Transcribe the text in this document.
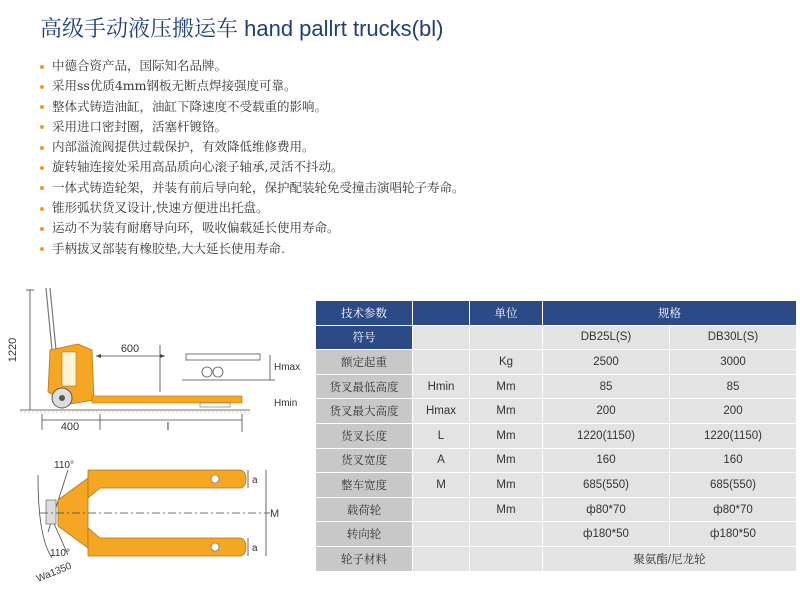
高级手动液压搬运车 hand pallrt trucks(bl)
中德合资产品，国际知名品牌。
采用ss优质4mm钢板无断点焊接强度可靠。
整体式铸造油缸，油缸下降速度不受载重的影响。
采用进口密封圈，活塞杆镀铬。
内部溢流阀提供过载保护，有效降低维修费用。
旋转轴连接处采用高品质向心滚子轴承,灵活不抖动。
一体式铸造轮架，并装有前后导向轮，保护配装轮免受撞击演唱轮子寿命。
锥形弧状货叉设计,快速方便进出托盘。
运动不为装有耐磨导向环，吸收偏载延长使用寿命。
手柄拔叉部装有橡胶垫,大大延长使用寿命.
1220	600
400	l
Hmax
Hmin
110°
110°
Wa1350
a
a
M
技术参数		单位	规格	
符号			DB25L(S)	DB30L(S)
额定起重		Kg	2500	3000
货叉最低高度	Hmin	Mm	85	85
货叉最大高度	Hmax	Mm	200	200
货叉长度	L	Mm	1220(1150)	1220(1150)
货叉宽度	A	Mm	160	160
整车宽度	M	Mm	685(550)	685(550)
载荷轮		Mm	ф80*70	ф80*70
转向轮			ф180*50	ф180*50
轮子材料			聚氨酯/尼龙轮	
